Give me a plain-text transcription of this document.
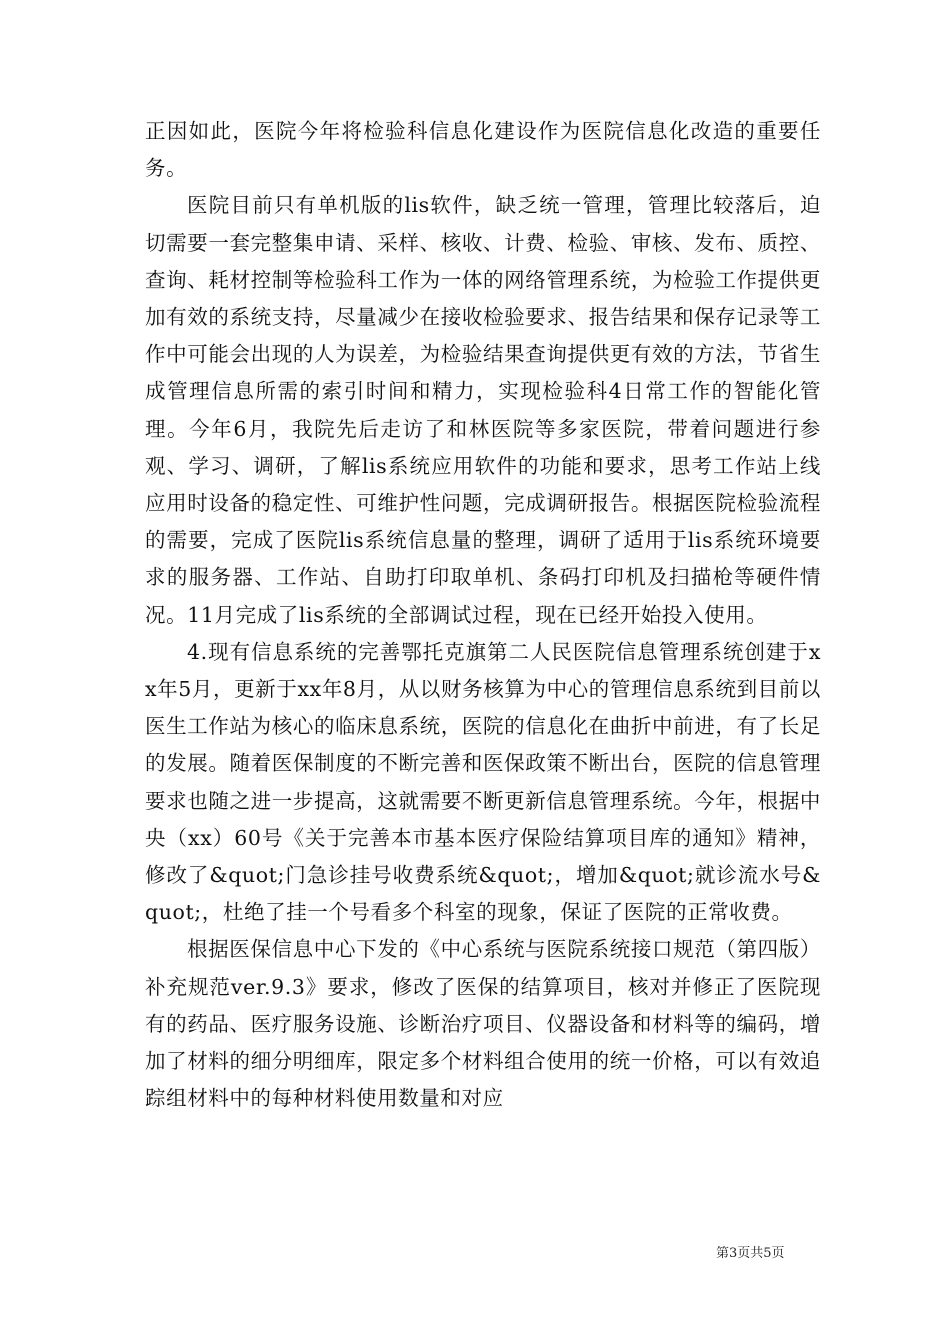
正因如此，医院今年将检验科信息化建设作为医院信息化改造的重要任务。

医院目前只有单机版的lis软件，缺乏统一管理，管理比较落后，迫切需要一套完整集申请、采样、核收、计费、检验、审核、发布、质控、查询、耗材控制等检验科工作为一体的网络管理系统，为检验工作提供更加有效的系统支持，尽量减少在接收检验要求、报告结果和保存记录等工作中可能会出现的人为误差，为检验结果查询提供更有效的方法，节省生成管理信息所需的索引时间和精力，实现检验科4日常工作的智能化管理。今年6月，我院先后走访了和林医院等多家医院，带着问题进行参观、学习、调研，了解lis系统应用软件的功能和要求，思考工作站上线应用时设备的稳定性、可维护性问题，完成调研报告。根据医院检验流程的需要，完成了医院lis系统信息量的整理，调研了适用于lis系统环境要求的服务器、工作站、自助打印取单机、条码打印机及扫描枪等硬件情况。11月完成了lis系统的全部调试过程，现在已经开始投入使用。

4.现有信息系统的完善鄂托克旗第二人民医院信息管理系统创建于xx年5月，更新于xx年8月，从以财务核算为中心的管理信息系统到目前以医生工作站为核心的临床息系统，医院的信息化在曲折中前进，有了长足的发展。随着医保制度的不断完善和医保政策不断出台，医院的信息管理要求也随之进一步提高，这就需要不断更新信息管理系统。今年，根据中央（xx）60号《关于完善本市基本医疗保险结算项目库的通知》精神，修改了&quot;门急诊挂号收费系统&quot;，增加&quot;就诊流水号&quot;，杜绝了挂一个号看多个科室的现象，保证了医院的正常收费。

根据医保信息中心下发的《中心系统与医院系统接口规范（第四版）补充规范ver.9.3》要求，修改了医保的结算项目，核对并修正了医院现有的药品、医疗服务设施、诊断治疗项目、仪器设备和材料等的编码，增加了材料的细分明细库，限定多个材料组合使用的统一价格，可以有效追踪组材料中的每种材料使用数量和对应

第3页共5页
